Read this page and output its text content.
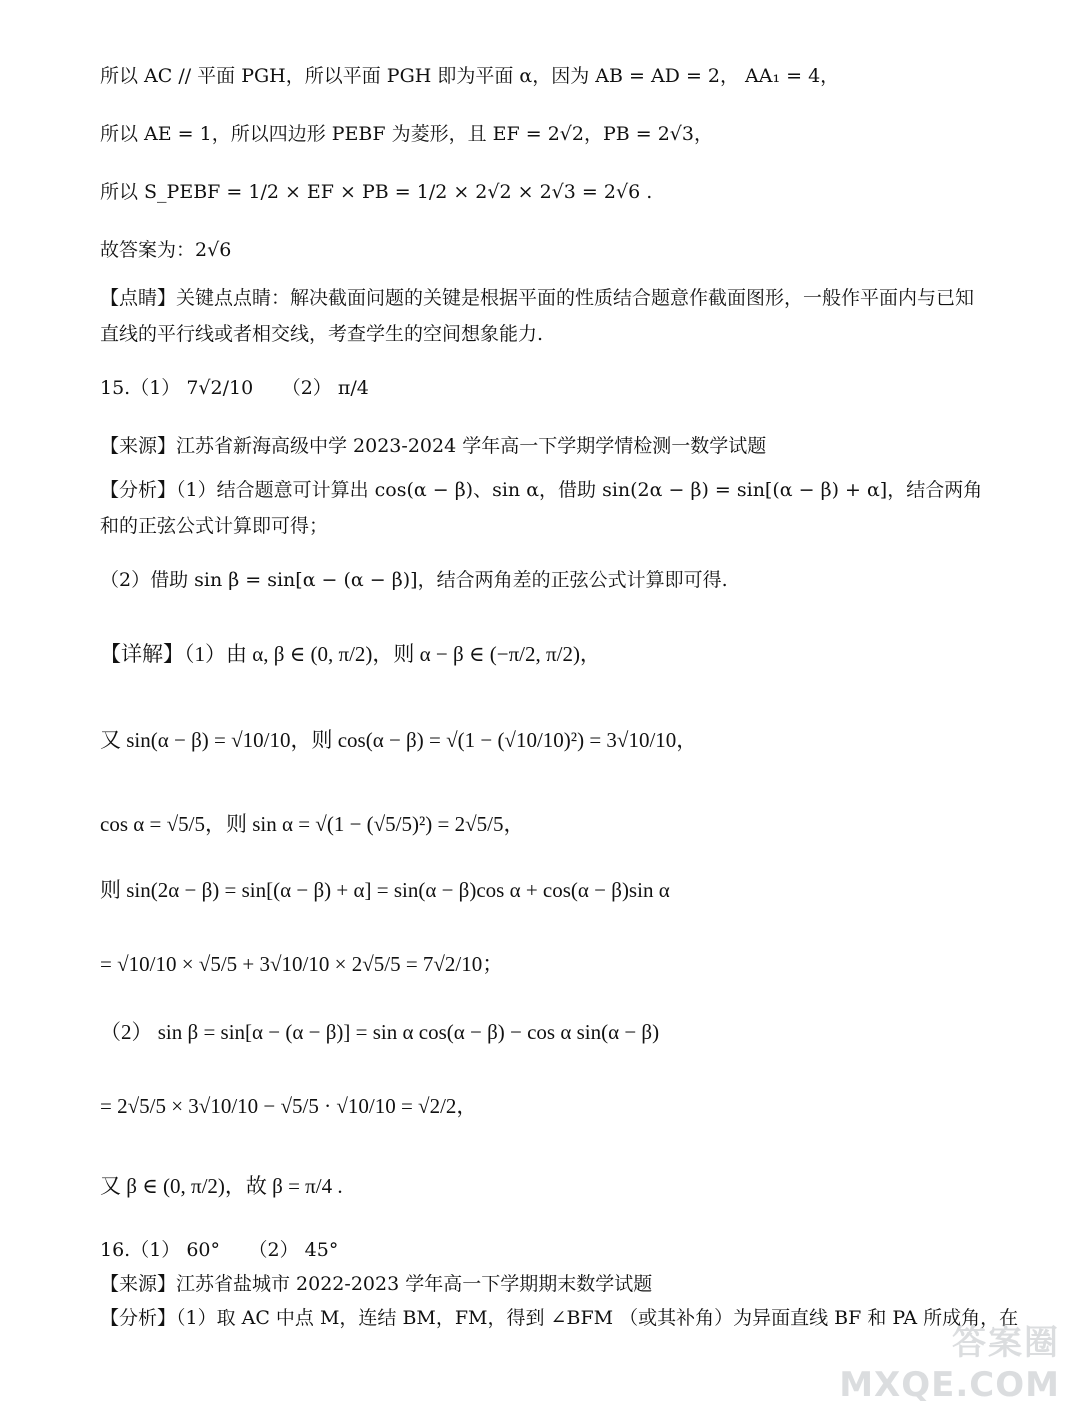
所以 AC // 平面 PGH，所以平面 PGH 即为平面 α，因为 AB = AD = 2， AA₁ = 4，
所以 AE = 1，所以四边形 PEBF 为菱形，且 EF = 2√2，PB = 2√3，
所以 S_PEBF = 1/2 × EF × PB = 1/2 × 2√2 × 2√3 = 2√6 .
故答案为：2√6
【点睛】关键点点睛：解决截面问题的关键是根据平面的性质结合题意作截面图形，一般作平面内与已知直线的平行线或者相交线，考查学生的空间想象能力.
15.（1） 7√2/10　　（2） π/4
【来源】江苏省新海高级中学 2023-2024 学年高一下学期学情检测一数学试题
【分析】（1）结合题意可计算出 cos(α − β)、sin α，借助 sin(2α − β) = sin[(α − β) + α]，结合两角和的正弦公式计算即可得；
（2）借助 sin β = sin[α − (α − β)]，结合两角差的正弦公式计算即可得.
【详解】（1）由 α, β ∈ (0, π/2)，则 α − β ∈ (−π/2, π/2)，
又 sin(α − β) = √10/10，则 cos(α − β) = √(1 − (√10/10)²) = 3√10/10，
cos α = √5/5，则 sin α = √(1 − (√5/5)²) = 2√5/5，
则 sin(2α − β) = sin[(α − β) + α] = sin(α − β)cos α + cos(α − β)sin α
= √10/10 × √5/5 + 3√10/10 × 2√5/5 = 7√2/10；
（2） sin β = sin[α − (α − β)] = sin α cos(α − β) − cos α sin(α − β)
= 2√5/5 × 3√10/10 − √5/5 · √10/10 = √2/2，
又 β ∈ (0, π/2)，故 β = π/4 .
16.（1） 60°　　（2） 45°
【来源】江苏省盐城市 2022-2023 学年高一下学期期末数学试题
【分析】（1）取 AC 中点 M，连结 BM，FM，得到 ∠BFM （或其补角）为异面直线 BF 和 PA 所成角，在
答案圈
MXQE.COM
